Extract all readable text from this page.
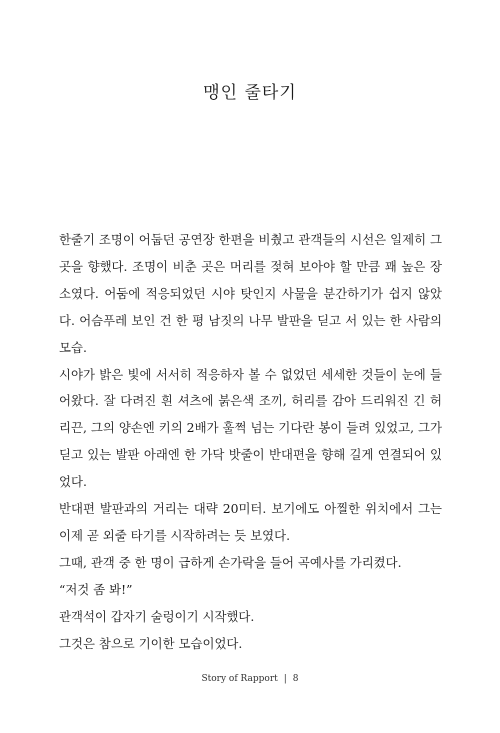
맹인 줄타기

한줄기 조명이 어둡던 공연장 한편을 비췄고 관객들의 시선은 일제히 그곳을 향했다. 조명이 비춘 곳은 머리를 젖혀 보아야 할 만큼 꽤 높은 장소였다. 어둠에 적응되었던 시야 탓인지 사물을 분간하기가 쉽지 않았다. 어슴푸레 보인 건 한 평 남짓의 나무 발판을 딛고 서 있는 한 사람의 모습.

시야가 밝은 빛에 서서히 적응하자 볼 수 없었던 세세한 것들이 눈에 들어왔다. 잘 다려진 흰 셔츠에 붉은색 조끼, 허리를 감아 드리워진 긴 허리끈, 그의 양손엔 키의 2배가 훌쩍 넘는 기다란 봉이 들려 있었고, 그가 딛고 있는 발판 아래엔 한 가닥 밧줄이 반대편을 향해 길게 연결되어 있었다.

반대편 발판과의 거리는 대략 20미터. 보기에도 아찔한 위치에서 그는 이제 곧 외줄 타기를 시작하려는 듯 보였다.

그때, 관객 중 한 명이 급하게 손가락을 들어 곡예사를 가리켰다.

“저것 좀 봐!”

관객석이 갑자기 술렁이기 시작했다.

그것은 참으로 기이한 모습이었다.

Story of Rapport | 8
